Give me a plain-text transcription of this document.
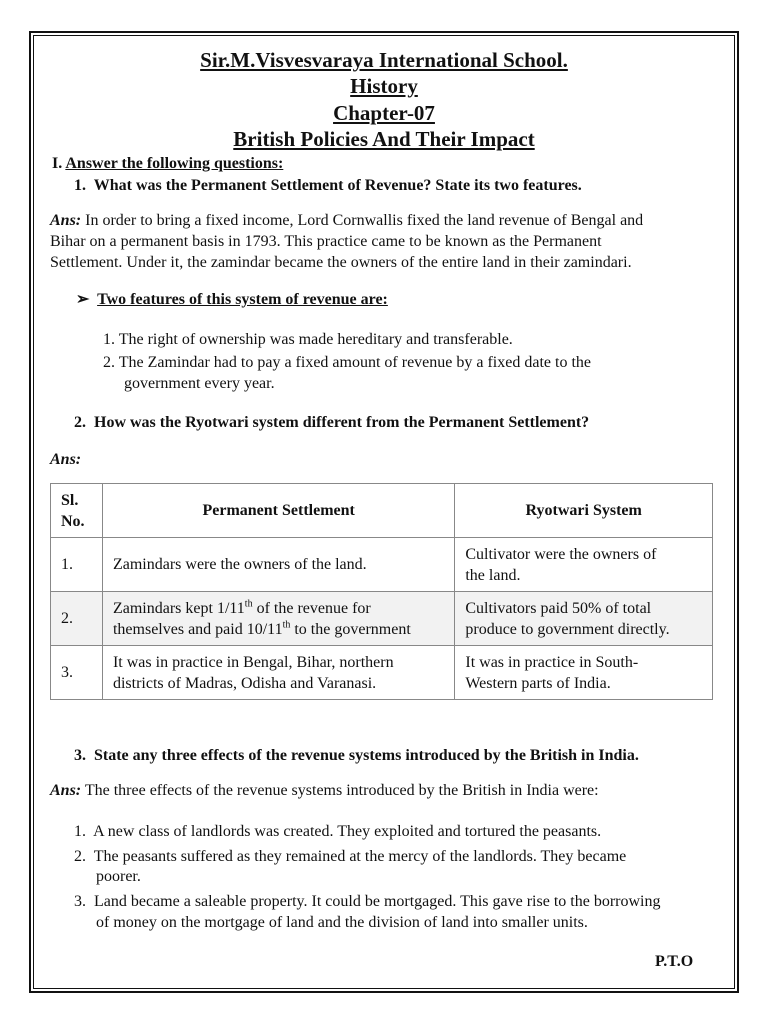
Sir.M.Visvesvaraya International School.
History
Chapter-07
British Policies And Their Impact
I. Answer the following questions:
1. What was the Permanent Settlement of Revenue? State its two features.
Ans: In order to bring a fixed income, Lord Cornwallis fixed the land revenue of Bengal and
Bihar on a permanent basis in 1793. This practice came to be known as the Permanent
Settlement. Under it, the zamindar became the owners of the entire land in their zamindari.
➢ Two features of this system of revenue are:
1. The right of ownership was made hereditary and transferable.
2. The Zamindar had to pay a fixed amount of revenue by a fixed date to the
government every year.
2. How was the Ryotwari system different from the Permanent Settlement?
Ans:
Sl.
No.	Permanent Settlement	Ryotwari System
1.	Zamindars were the owners of the land.	Cultivator were the owners of
the land.
2.	Zamindars kept 1/11th of the revenue for
themselves and paid 10/11th to the government	Cultivators paid 50% of total
produce to government directly.
3.	It was in practice in Bengal, Bihar, northern
districts of Madras, Odisha and Varanasi.	It was in practice in South-
Western parts of India.
3. State any three effects of the revenue systems introduced by the British in India.
Ans: The three effects of the revenue systems introduced by the British in India were:
1. A new class of landlords was created. They exploited and tortured the peasants.
2. The peasants suffered as they remained at the mercy of the landlords. They became
poorer.
3. Land became a saleable property. It could be mortgaged. This gave rise to the borrowing
of money on the mortgage of land and the division of land into smaller units.
P.T.O
